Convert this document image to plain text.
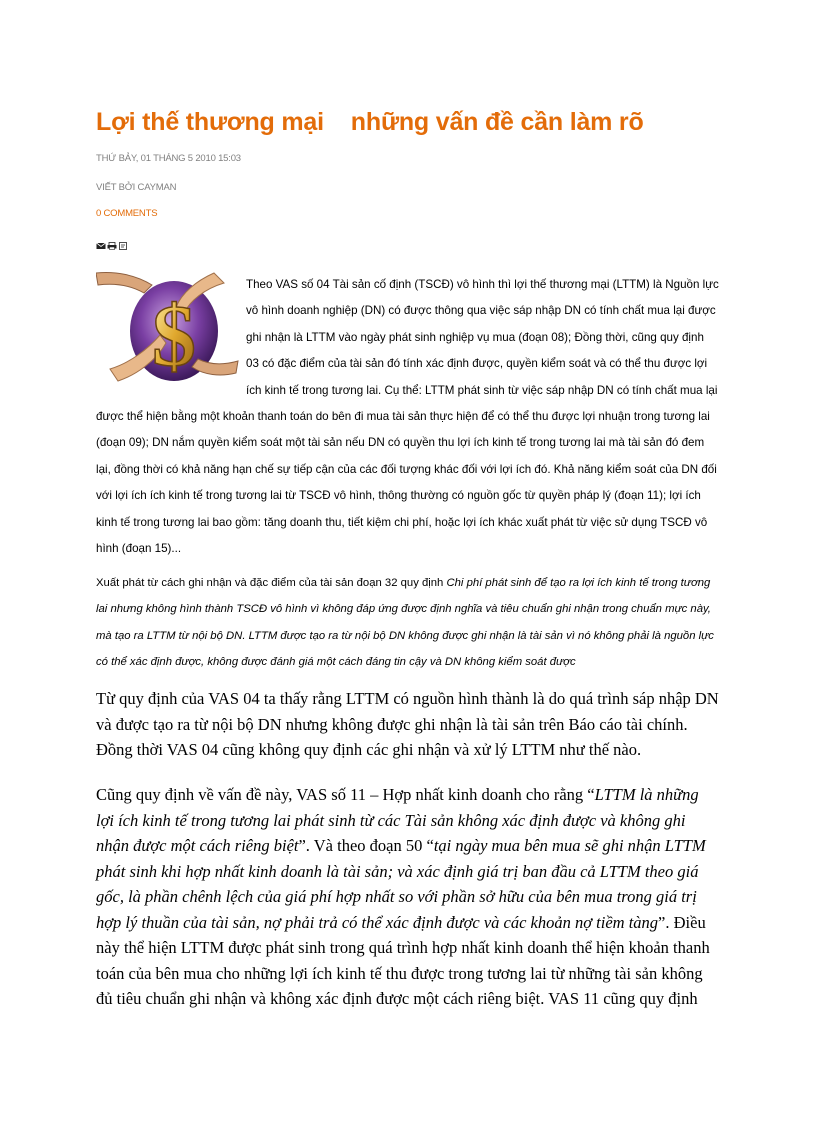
Lợi thế thương mại    những vấn đề cần làm rõ

THỨ BẢY, 01 THÁNG 5 2010 15:03

VIẾT BỞI CAYMAN

0 COMMENTS
$

Theo VAS số 04 Tài sản cố định (TSCĐ) vô hình thì lợi thế thương mại (LTTM) là Nguồn lực vô hình doanh nghiệp (DN) có được thông qua việc sáp nhập DN có tính chất mua lại được ghi nhận là LTTM vào ngày phát sinh nghiệp vụ mua (đoạn 08); Đồng thời, cũng quy định 03 có đặc điểm của tài sản đó tính xác định được, quyền kiểm soát và có thể thu được lợi ích kinh tế trong tương lai. Cụ thể: LTTM phát sinh từ việc sáp nhập DN có tính chất mua lại được thể hiện bằng một khoản thanh toán do bên đi mua tài sản thực hiện để có thể thu được lợi nhuận trong tương lai (đoạn 09); DN nắm quyền kiểm soát một tài sản nếu DN có quyền thu lợi ích kinh tế trong tương lai mà tài sản đó đem lại, đồng thời có khả năng hạn chế sự tiếp cận của các đối tượng khác đối với lợi ích đó. Khả năng kiểm soát của DN đối với lợi ích ích kinh tế trong tương lai từ TSCĐ vô hình, thông thường có nguồn gốc từ quyền pháp lý (đoạn 11); lợi ích kinh tế trong tương lai bao gồm: tăng doanh thu, tiết kiệm chi phí, hoặc lợi ích khác xuất phát từ việc sử dụng TSCĐ vô hình (đoạn 15)...

Xuất phát từ cách ghi nhận và đặc điểm của tài sản đoạn 32 quy định Chi phí phát sinh để tạo ra lợi ích kinh tế trong tương lai nhưng không hình thành TSCĐ vô hình vì không đáp ứng được định nghĩa và tiêu chuẩn ghi nhận trong chuẩn mực này, mà tạo ra LTTM từ nội bộ DN. LTTM được tạo ra từ nội bộ DN không được ghi nhận là tài sản vì nó không phải là nguồn lực có thể xác định được, không được đánh giá một cách đáng tin cậy và DN không kiểm soát được

Từ quy định của VAS 04 ta thấy rằng LTTM có nguồn hình thành là do quá trình sáp nhập DN và được tạo ra từ nội bộ DN nhưng không được ghi nhận là tài sản trên Báo cáo tài chính. Đồng thời VAS 04 cũng không quy định các ghi nhận và xử lý LTTM như thế nào.

Cũng quy định về vấn đề này, VAS số 11 – Hợp nhất kinh doanh cho rằng “LTTM là những lợi ích kinh tế trong tương lai phát sinh từ các Tài sản không xác định được và không ghi nhận được một cách riêng biệt”. Và theo đoạn 50 “tại ngày mua bên mua sẽ ghi nhận LTTM phát sinh khi hợp nhất kinh doanh là tài sản; và xác định giá trị ban đầu cả LTTM theo giá gốc, là phần chênh lệch của giá phí hợp nhất so với phần sở hữu của bên mua trong giá trị hợp lý thuần của tài sản, nợ phải trả có thể xác định được và các khoản nợ tiềm tàng”. Điều này thể hiện LTTM được phát sinh trong quá trình hợp nhất kinh doanh thể hiện khoản thanh toán của bên mua cho những lợi ích kinh tế thu được trong tương lai từ những tài sản không đủ tiêu chuẩn ghi nhận và không xác định được một cách riêng biệt. VAS 11 cũng quy định
